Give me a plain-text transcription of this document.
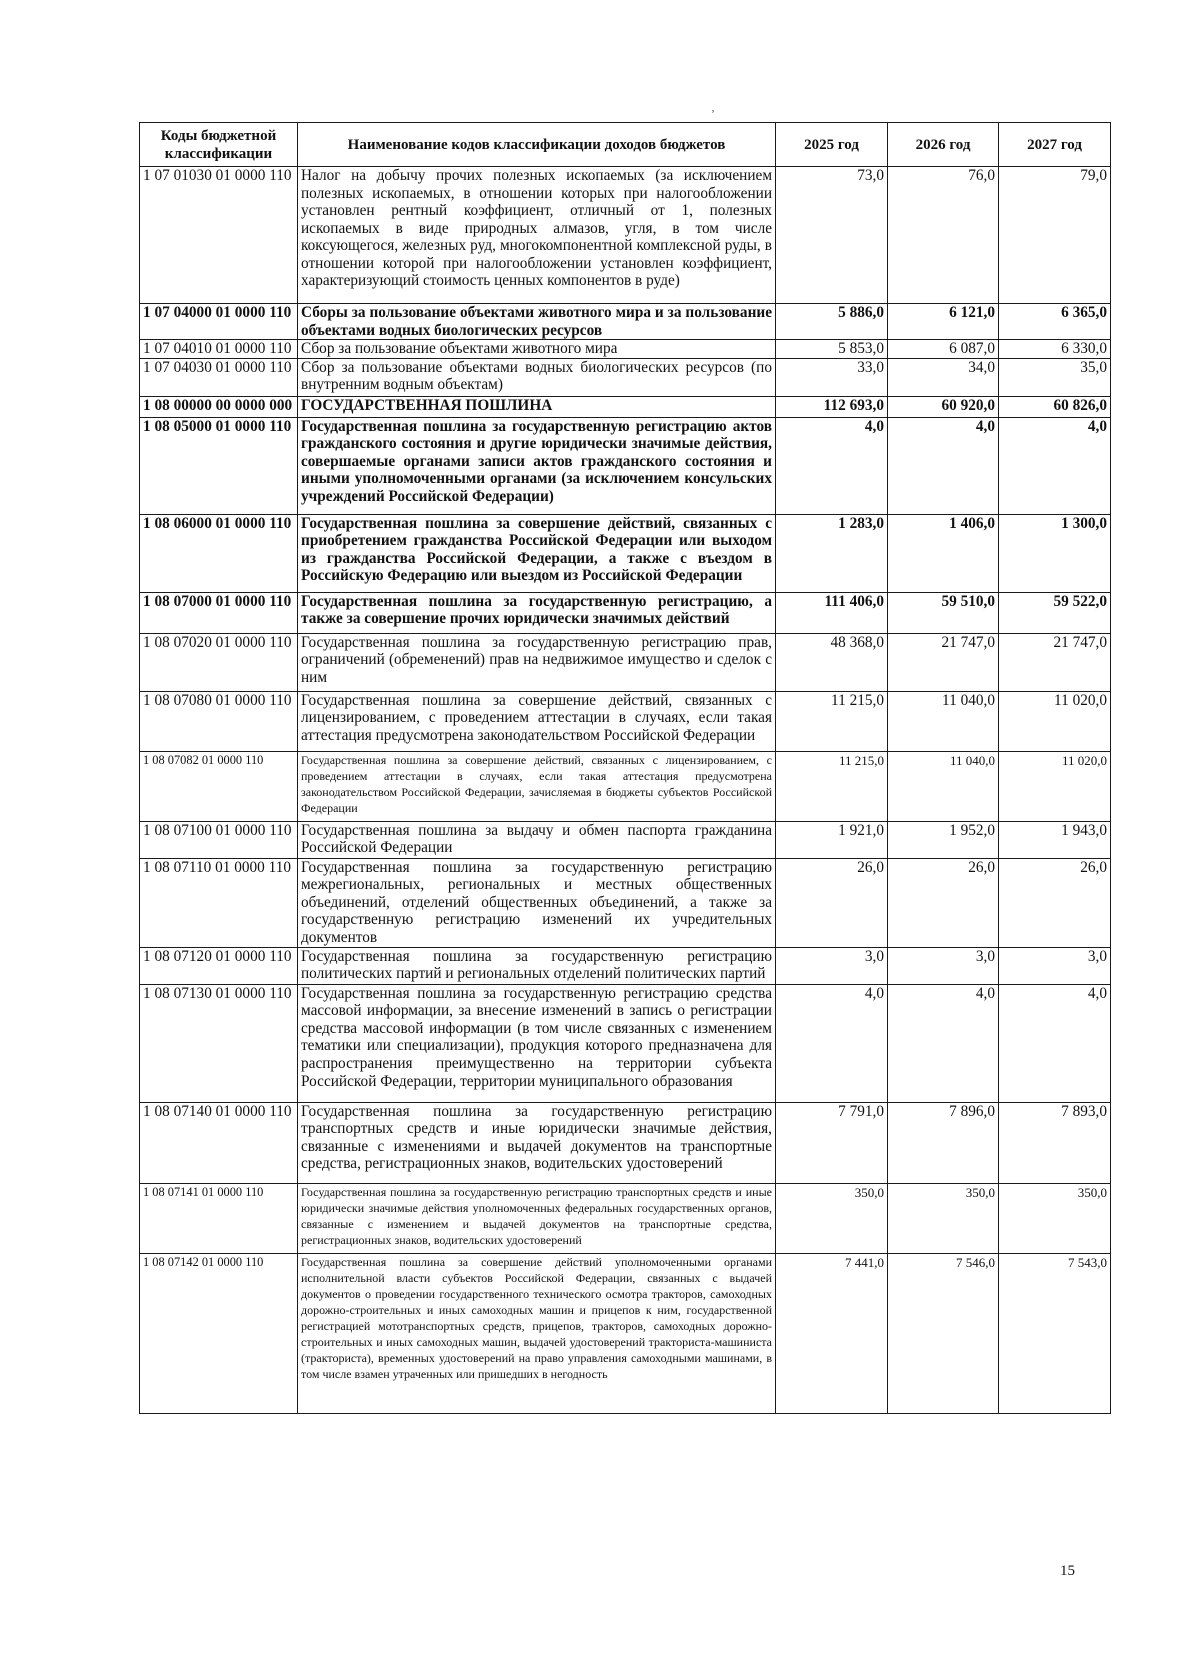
‚
Коды бюджетной классификации	Наименование кодов классификации доходов бюджетов	2025 год	2026 год	2027 год
1 07 01030 01 0000 110	Налог на добычу прочих полезных ископаемых (за исключением полезных ископаемых, в отношении которых при налогообложении установлен рентный коэффициент, отличный от 1, полезных ископаемых в виде природных алмазов, угля, в том числе коксующегося, железных руд, многокомпонентной комплексной руды, в отношении которой при налогообложении установлен коэффициент, характеризующий стоимость ценных компонентов в руде)	73,0	76,0	79,0
1 07 04000 01 0000 110	Сборы за пользование объектами животного мира и за пользование объектами водных биологических ресурсов	5 886,0	6 121,0	6 365,0
1 07 04010 01 0000 110	Сбор за пользование объектами животного мира	5 853,0	6 087,0	6 330,0
1 07 04030 01 0000 110	Сбор за пользование объектами водных биологических ресурсов (по внутренним водным объектам)	33,0	34,0	35,0
1 08 00000 00 0000 000	ГОСУДАРСТВЕННАЯ ПОШЛИНА	112 693,0	60 920,0	60 826,0
1 08 05000 01 0000 110	Государственная пошлина за государственную регистрацию актов гражданского состояния и другие юридически значимые действия, совершаемые органами записи актов гражданского состояния и иными уполномоченными органами (за исключением консульских учреждений Российской Федерации)	4,0	4,0	4,0
1 08 06000 01 0000 110	Государственная пошлина за совершение действий, связанных с приобретением гражданства Российской Федерации или выходом из гражданства Российской Федерации, а также с въездом в Российскую Федерацию или выездом из Российской Федерации	1 283,0	1 406,0	1 300,0
1 08 07000 01 0000 110	Государственная пошлина за государственную регистрацию, а также за совершение прочих юридически значимых действий	111 406,0	59 510,0	59 522,0
1 08 07020 01 0000 110	Государственная пошлина за государственную регистрацию прав, ограничений (обременений) прав на недвижимое имущество и сделок с ним	48 368,0	21 747,0	21 747,0
1 08 07080 01 0000 110	Государственная пошлина за совершение действий, связанных с лицензированием, с проведением аттестации в случаях, если такая аттестация предусмотрена законодательством Российской Федерации	11 215,0	11 040,0	11 020,0
1 08 07082 01 0000 110	Государственная пошлина за совершение действий, связанных с лицензированием, с проведением аттестации в случаях, если такая аттестация предусмотрена законодательством Российской Федерации, зачисляемая в бюджеты субъектов Российской Федерации	11 215,0	11 040,0	11 020,0
1 08 07100 01 0000 110	Государственная пошлина за выдачу и обмен паспорта гражданина Российской Федерации	1 921,0	1 952,0	1 943,0
1 08 07110 01 0000 110	Государственная пошлина за государственную регистрацию межрегиональных, региональных и местных общественных объединений, отделений общественных объединений, а также за государственную регистрацию изменений их учредительных документов	26,0	26,0	26,0
1 08 07120 01 0000 110	Государственная пошлина за государственную регистрацию политических партий и региональных отделений политических партий	3,0	3,0	3,0
1 08 07130 01 0000 110	Государственная пошлина за государственную регистрацию средства массовой информации, за внесение изменений в запись о регистрации средства массовой информации (в том числе связанных с изменением тематики или специализации), продукция которого предназначена для распространения преимущественно на территории субъекта Российской Федерации, территории муниципального образования	4,0	4,0	4,0
1 08 07140 01 0000 110	Государственная пошлина за государственную регистрацию транспортных средств и иные юридически значимые действия, связанные с изменениями и выдачей документов на транспортные средства, регистрационных знаков, водительских удостоверений	7 791,0	7 896,0	7 893,0
1 08 07141 01 0000 110	Государственная пошлина за государственную регистрацию транспортных средств и иные юридически значимые действия уполномоченных федеральных государственных органов, связанные с изменением и выдачей документов на транспортные средства, регистрационных знаков, водительских удостоверений	350,0	350,0	350,0
1 08 07142 01 0000 110	Государственная пошлина за совершение действий уполномоченными органами исполнительной власти субъектов Российской Федерации, связанных с выдачей документов о проведении государственного технического осмотра тракторов, самоходных дорожно-строительных и иных самоходных машин и прицепов к ним, государственной регистрацией мототранспортных средств, прицепов, тракторов, самоходных дорожно-строительных и иных самоходных машин, выдачей удостоверений тракториста-машиниста (тракториста), временных удостоверений на право управления самоходными машинами, в том числе взамен утраченных или пришедших в негодность	7 441,0	7 546,0	7 543,0
15
